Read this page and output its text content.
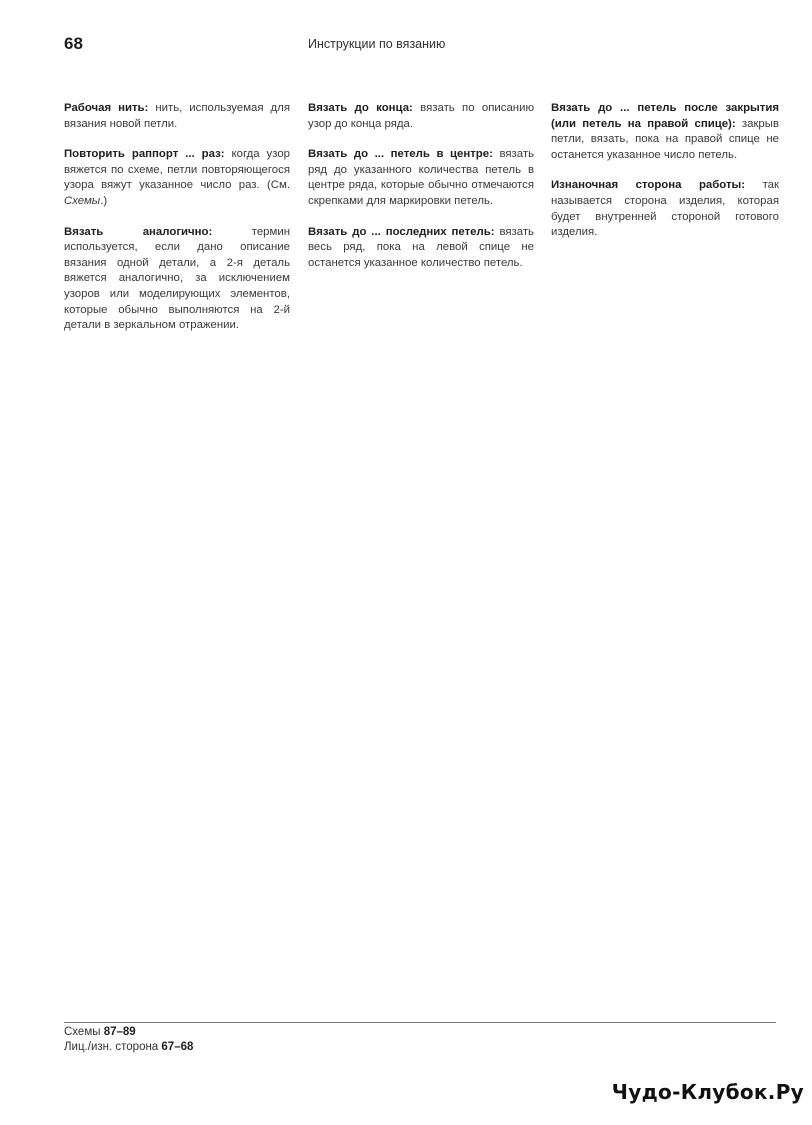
68	Инструкции по вязанию

Рабочая нить: нить, используемая для вязания новой петли.

Повторить раппорт ... раз: когда узор вяжется по схеме, петли повторяющегося узора вяжут указанное число раз. (См. Схемы.)

Вязать аналогично: термин используется, если дано описание вязания одной детали, а 2-я деталь вяжется аналогично, за исключением узоров или моделирующих элементов, которые обычно выполняются на 2-й детали в зеркальном отражении.

Вязать до конца: вязать по описанию узор до конца ряда.

Вязать до ... петель в центре: вязать ряд до указанного количества петель в центре ряда, которые обычно отмечаются скрепками для маркировки петель.

Вязать до ... последних петель: вязать весь ряд, пока на левой спице не останется указанное количество петель.

Вязать до ... петель после закрытия (или петель на правой спице): закрыв петли, вязать, пока на правой спице не останется указанное число петель.

Изнаночная сторона работы: так называется сторона изделия, которая будет внутренней стороной готового изделия.

Схемы 87–89
Лиц./изн. сторона 67–68
Чудо-Клубок.Ру
